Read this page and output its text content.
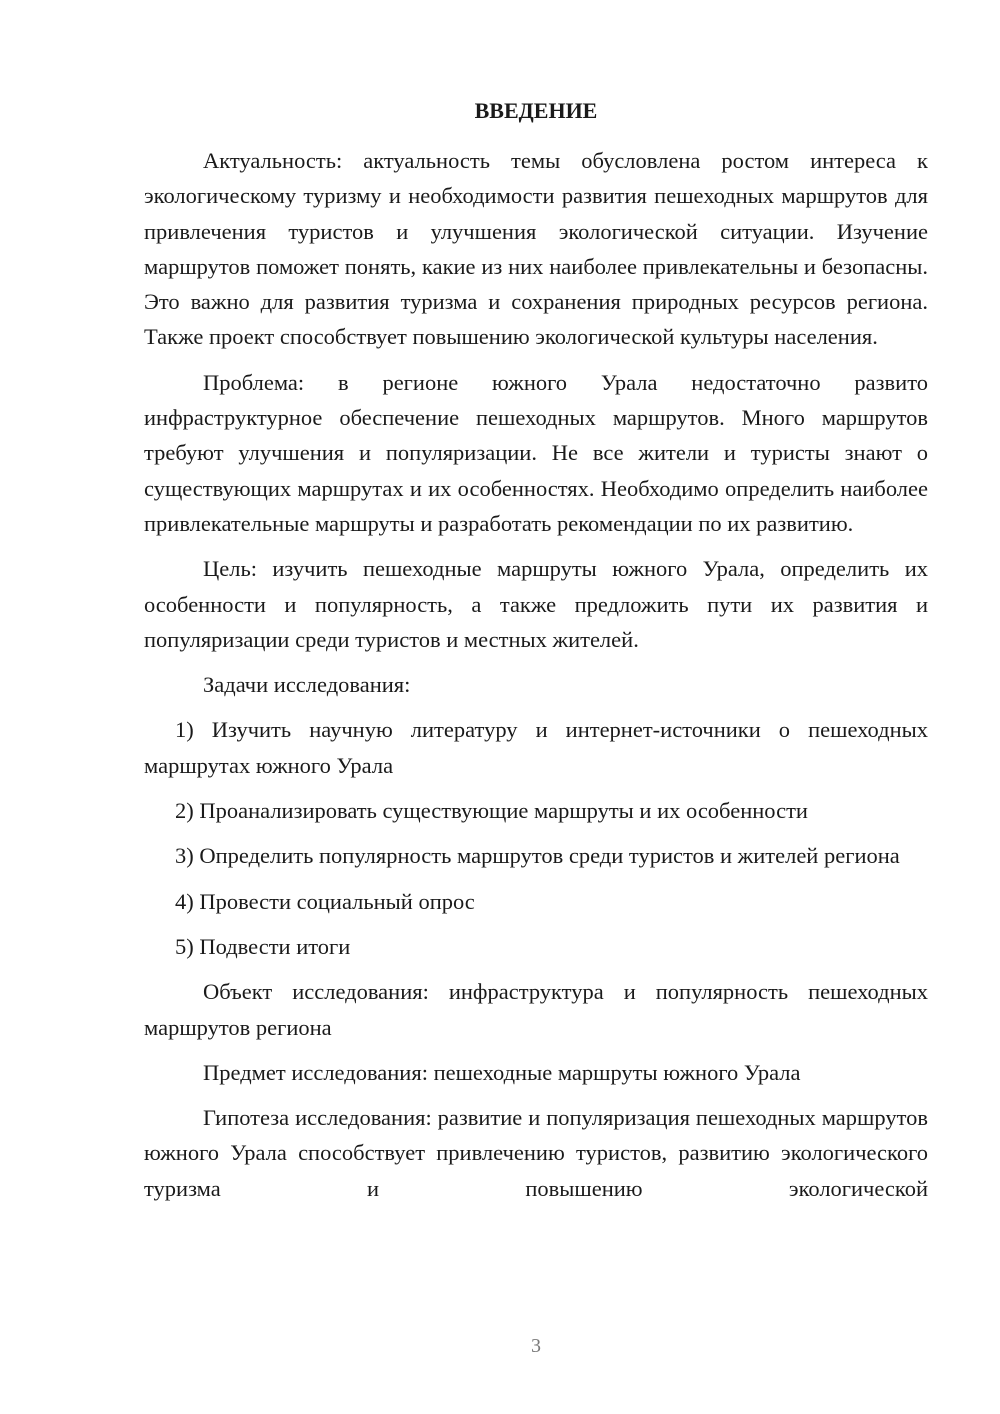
ВВЕДЕНИЕ

Актуальность: актуальность темы обусловлена ростом интереса к экологическому туризму и необходимости развития пешеходных маршрутов для привлечения туристов и улучшения экологической ситуации. Изучение маршрутов поможет понять, какие из них наиболее привлекательны и безопасны. Это важно для развития туризма и сохранения природных ресурсов региона. Также проект способствует повышению экологической культуры населения.

Проблема: в регионе южного Урала недостаточно развито инфраструктурное обеспечение пешеходных маршрутов. Много маршрутов требуют улучшения и популяризации. Не все жители и туристы знают о существующих маршрутах и их особенностях. Необходимо определить наиболее привлекательные маршруты и разработать рекомендации по их развитию.

Цель: изучить пешеходные маршруты южного Урала, определить их особенности и популярность, а также предложить пути их развития и популяризации среди туристов и местных жителей.

Задачи исследования:

1) Изучить научную литературу и интернет-источники о пешеходных маршрутах южного Урала

2) Проанализировать существующие маршруты и их особенности

3) Определить популярность маршрутов среди туристов и жителей региона

4) Провести социальный опрос

5) Подвести итоги

Объект исследования: инфраструктура и популярность пешеходных маршрутов региона

Предмет исследования: пешеходные маршруты южного Урала

Гипотеза исследования: развитие и популяризация пешеходных маршрутов южного Урала способствует привлечению туристов, развитию экологического туризма и повышению экологической

3
